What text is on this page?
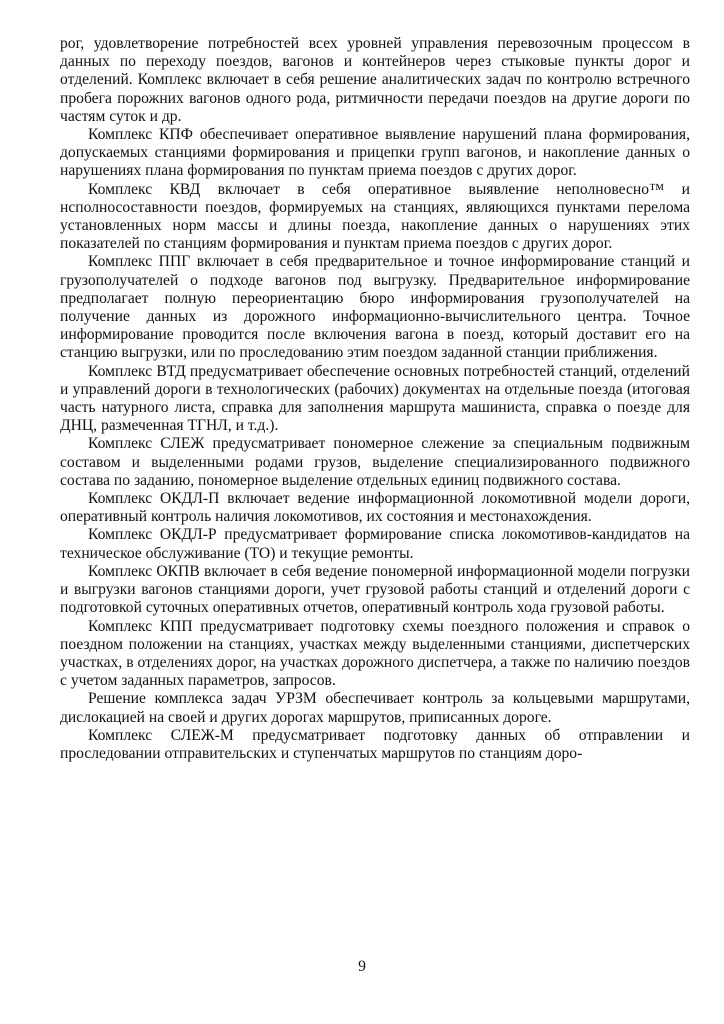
рог, удовлетворение потребностей всех уровней управления перевозочным процессом в данных по переходу поездов, вагонов и контейнеров через стыковые пункты дорог и отделений. Комплекс включает в себя решение аналитических задач по контролю встречного пробега порожних вагонов одного рода, ритмичности передачи поездов на другие дороги по частям суток и др.

Комплекс КПФ обеспечивает оперативное выявление нарушений плана формирования, допускаемых станциями формирования и прицепки групп вагонов, и накопление данных о нарушениях плана формирования по пунктам приема поездов с других дорог.

Комплекс КВД включает в себя оперативное выявление неполновесно™ и нсполносоставности поездов, формируемых на станциях, являющихся пунктами перелома установленных норм массы и длины поезда, накопление данных о нарушениях этих показателей по станциям формирования и пунктам приема поездов с других дорог.

Комплекс ППГ включает в себя предварительное и точное информирование станций и грузополучателей о подходе вагонов под выгрузку. Предварительное информирование предполагает полную переориентацию бюро информирования грузополучателей на получение данных из дорожного информационно-вычислительного центра. Точное информирование проводится после включения вагона в поезд, который доставит его на станцию выгрузки, или по проследованию этим поездом заданной станции приближения.

Комплекс ВТД предусматривает обеспечение основных потребностей станций, отделений и управлений дороги в технологических (рабочих) документах на отдельные поезда (итоговая часть натурного листа, справка для заполнения маршрута машиниста, справка о поезде для ДНЦ, размеченная ТГНЛ, и т.д.).

Комплекс СЛЕЖ предусматривает пономерное слежение за специальным подвижным составом и выделенными родами грузов, выделение специализированного подвижного состава по заданию, пономерное выделение отдельных единиц подвижного состава.

Комплекс ОКДЛ-П включает ведение информационной локомотивной модели дороги, оперативный контроль наличия локомотивов, их состояния и местонахождения.

Комплекс ОКДЛ-Р предусматривает формирование списка локомотивов-кандидатов на техническое обслуживание (ТО) и текущие ремонты.

Комплекс ОКПВ включает в себя ведение пономерной информационной модели погрузки и выгрузки вагонов станциями дороги, учет грузовой работы станций и отделений дороги с подготовкой суточных оперативных отчетов, оперативный контроль хода грузовой работы.

Комплекс КПП предусматривает подготовку схемы поездного положения и справок о поездном положении на станциях, участках между выделенными станциями, диспетчерских участках, в отделениях дорог, на участках дорожного диспетчера, а также по наличию поездов с учетом заданных параметров, запросов.

Решение комплекса задач УРЗМ обеспечивает контроль за кольцевыми маршрутами, дислокацией на своей и других дорогах маршрутов, приписанных дороге.

Комплекс СЛЕЖ-М предусматривает подготовку данных об отправлении и проследовании отправительских и ступенчатых маршрутов по станциям доро-

9
